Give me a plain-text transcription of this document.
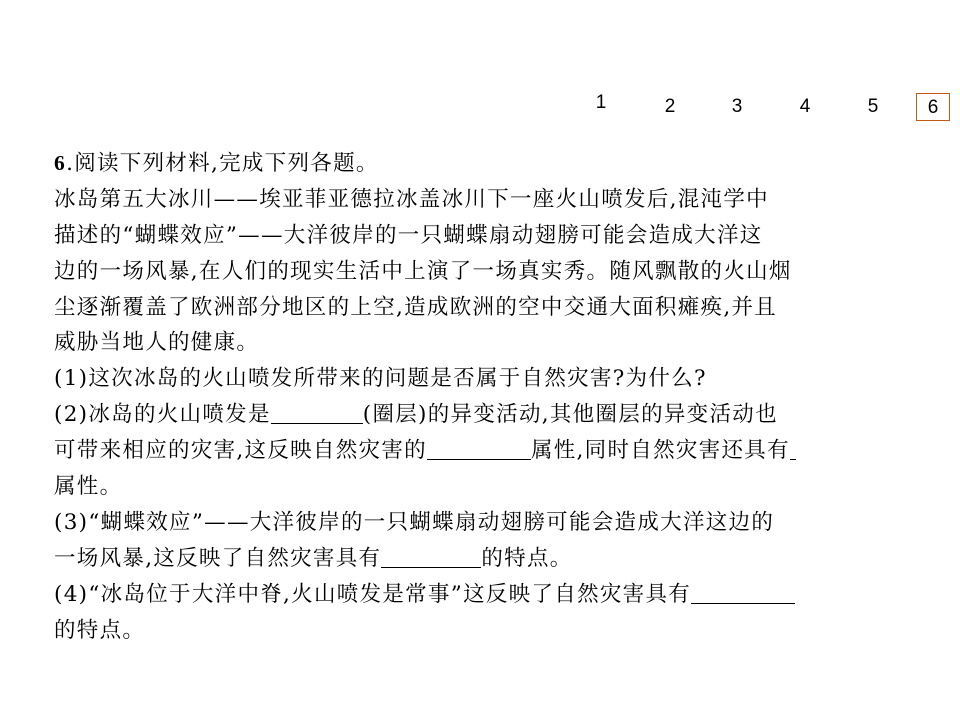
1	2	3	4	5	6
6.阅读下列材料,完成下列各题。
冰岛第五大冰川——埃亚菲亚德拉冰盖冰川下一座火山喷发后,混沌学中
描述的“蝴蝶效应”——大洋彼岸的一只蝴蝶扇动翅膀可能会造成大洋这
边的一场风暴,在人们的现实生活中上演了一场真实秀。随风飘散的火山烟
尘逐渐覆盖了欧洲部分地区的上空,造成欧洲的空中交通大面积瘫痪,并且
威胁当地人的健康。
(1)这次冰岛的火山喷发所带来的问题是否属于自然灾害?为什么?
(2)冰岛的火山喷发是	(圈层)的异变活动,其他圈层的异变活动也
可带来相应的灾害,这反映自然灾害的	属性,同时自然灾害还具有
属性。
(3)“蝴蝶效应”——大洋彼岸的一只蝴蝶扇动翅膀可能会造成大洋这边的
一场风暴,这反映了自然灾害具有	的特点。
(4)“冰岛位于大洋中脊,火山喷发是常事”这反映了自然灾害具有
的特点。
